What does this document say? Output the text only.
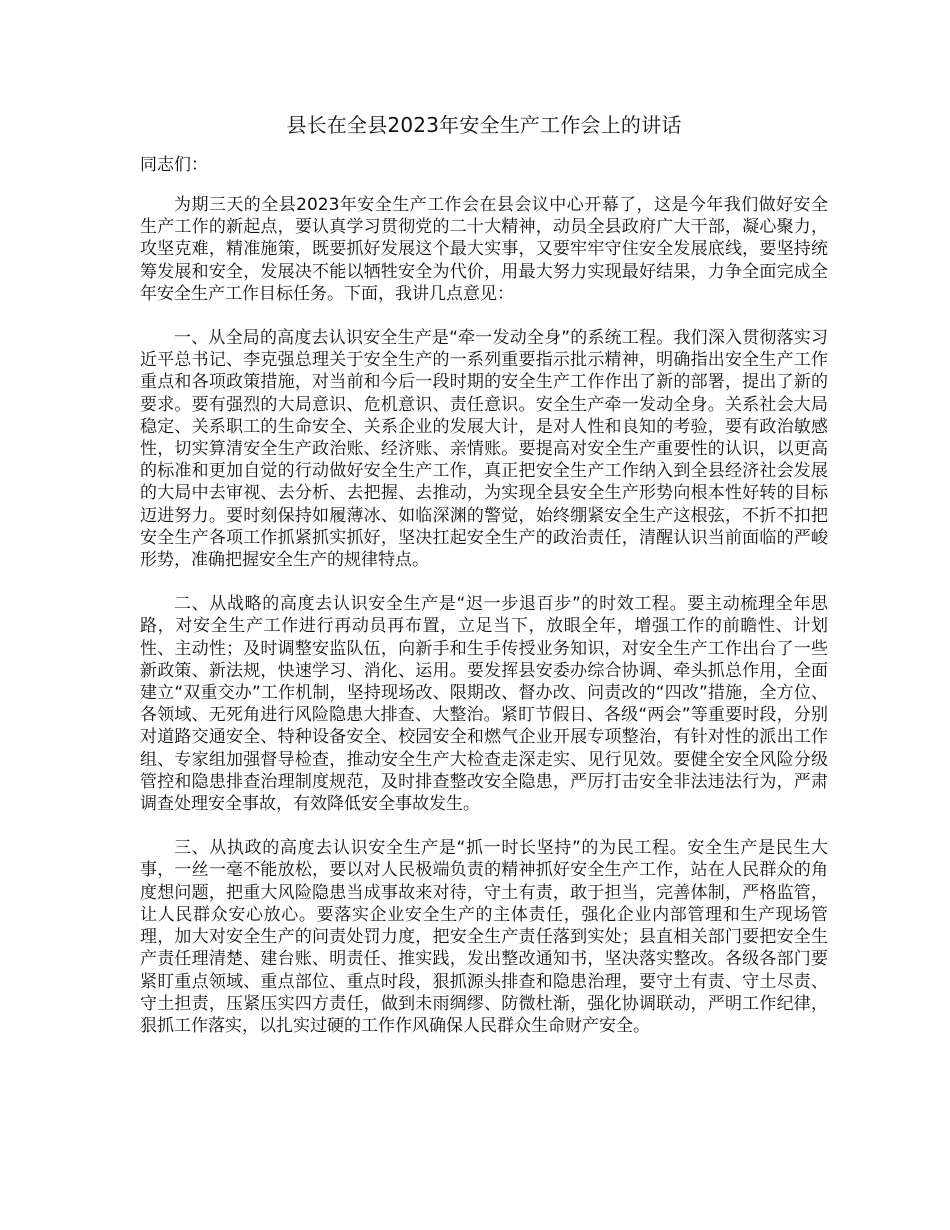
县长在全县2023年安全生产工作会上的讲话

同志们：

为期三天的全县2023年安全生产工作会在县会议中心开幕了，这是今年我们做好安全生产工作的新起点，要认真学习贯彻党的二十大精神，动员全县政府广大干部，凝心聚力，攻坚克难，精准施策，既要抓好发展这个最大实事，又要牢牢守住安全发展底线，要坚持统筹发展和安全，发展决不能以牺牲安全为代价，用最大努力实现最好结果，力争全面完成全年安全生产工作目标任务。下面，我讲几点意见：

一、从全局的高度去认识安全生产是“牵一发动全身”的系统工程。我们深入贯彻落实习近平总书记、李克强总理关于安全生产的一系列重要指示批示精神，明确指出安全生产工作重点和各项政策措施，对当前和今后一段时期的安全生产工作作出了新的部署，提出了新的要求。要有强烈的大局意识、危机意识、责任意识。安全生产牵一发动全身。关系社会大局稳定、关系职工的生命安全、关系企业的发展大计，是对人性和良知的考验，要有政治敏感性，切实算清安全生产政治账、经济账、亲情账。要提高对安全生产重要性的认识，以更高的标准和更加自觉的行动做好安全生产工作，真正把安全生产工作纳入到全县经济社会发展的大局中去审视、去分析、去把握、去推动，为实现全县安全生产形势向根本性好转的目标迈进努力。要时刻保持如履薄冰、如临深渊的警觉，始终绷紧安全生产这根弦，不折不扣把安全生产各项工作抓紧抓实抓好，坚决扛起安全生产的政治责任，清醒认识当前面临的严峻形势，准确把握安全生产的规律特点。

二、从战略的高度去认识安全生产是“迟一步退百步”的时效工程。要主动梳理全年思路，对安全生产工作进行再动员再布置，立足当下，放眼全年，增强工作的前瞻性、计划性、主动性；及时调整安监队伍，向新手和生手传授业务知识，对安全生产工作出台了一些新政策、新法规，快速学习、消化、运用。要发挥县安委办综合协调、牵头抓总作用，全面建立“双重交办”工作机制，坚持现场改、限期改、督办改、问责改的“四改”措施，全方位、各领域、无死角进行风险隐患大排查、大整治。紧盯节假日、各级“两会”等重要时段，分别对道路交通安全、特种设备安全、校园安全和燃气企业开展专项整治，有针对性的派出工作组、专家组加强督导检查，推动安全生产大检查走深走实、见行见效。要健全安全风险分级管控和隐患排查治理制度规范，及时排查整改安全隐患，严厉打击安全非法违法行为，严肃调查处理安全事故，有效降低安全事故发生。

三、从执政的高度去认识安全生产是“抓一时长坚持”的为民工程。安全生产是民生大事，一丝一毫不能放松，要以对人民极端负责的精神抓好安全生产工作，站在人民群众的角度想问题，把重大风险隐患当成事故来对待，守土有责，敢于担当，完善体制，严格监管，让人民群众安心放心。要落实企业安全生产的主体责任，强化企业内部管理和生产现场管理，加大对安全生产的问责处罚力度，把安全生产责任落到实处；县直相关部门要把安全生产责任理清楚、建台账、明责任、推实践，发出整改通知书，坚决落实整改。各级各部门要紧盯重点领域、重点部位、重点时段，狠抓源头排查和隐患治理，要守土有责、守土尽责、守土担责，压紧压实四方责任，做到未雨绸缪、防微杜渐，强化协调联动，严明工作纪律，狠抓工作落实，以扎实过硬的工作作风确保人民群众生命财产安全。
